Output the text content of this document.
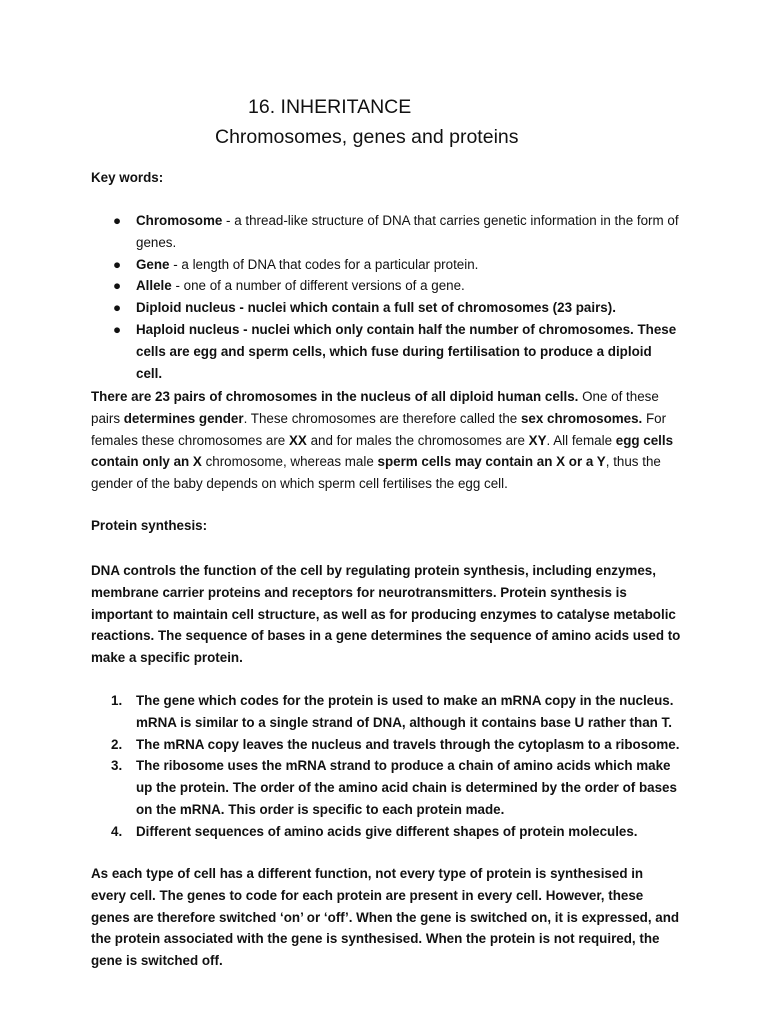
16. INHERITANCE
Chromosomes, genes and proteins

Key words:

● Chromosome - a thread-like structure of DNA that carries genetic information in the form of genes.
● Gene - a length of DNA that codes for a particular protein.
● Allele - one of a number of different versions of a gene.
● Diploid nucleus - nuclei which contain a full set of chromosomes (23 pairs).
● Haploid nucleus - nuclei which only contain half the number of chromosomes. These cells are egg and sperm cells, which fuse during fertilisation to produce a diploid cell.

There are 23 pairs of chromosomes in the nucleus of all diploid human cells. One of these pairs determines gender. These chromosomes are therefore called the sex chromosomes. For females these chromosomes are XX and for males the chromosomes are XY. All female egg cells contain only an X chromosome, whereas male sperm cells may contain an X or a Y, thus the gender of the baby depends on which sperm cell fertilises the egg cell.

Protein synthesis:

DNA controls the function of the cell by regulating protein synthesis, including enzymes, membrane carrier proteins and receptors for neurotransmitters. Protein synthesis is important to maintain cell structure, as well as for producing enzymes to catalyse metabolic reactions. The sequence of bases in a gene determines the sequence of amino acids used to make a specific protein.

1. The gene which codes for the protein is used to make an mRNA copy in the nucleus. mRNA is similar to a single strand of DNA, although it contains base U rather than T.
2. The mRNA copy leaves the nucleus and travels through the cytoplasm to a ribosome.
3. The ribosome uses the mRNA strand to produce a chain of amino acids which make up the protein. The order of the amino acid chain is determined by the order of bases on the mRNA. This order is specific to each protein made.
4. Different sequences of amino acids give different shapes of protein molecules.

As each type of cell has a different function, not every type of protein is synthesised in every cell. The genes to code for each protein are present in every cell. However, these genes are therefore switched ‘on’ or ‘off’. When the gene is switched on, it is expressed, and the protein associated with the gene is synthesised. When the protein is not required, the gene is switched off.
